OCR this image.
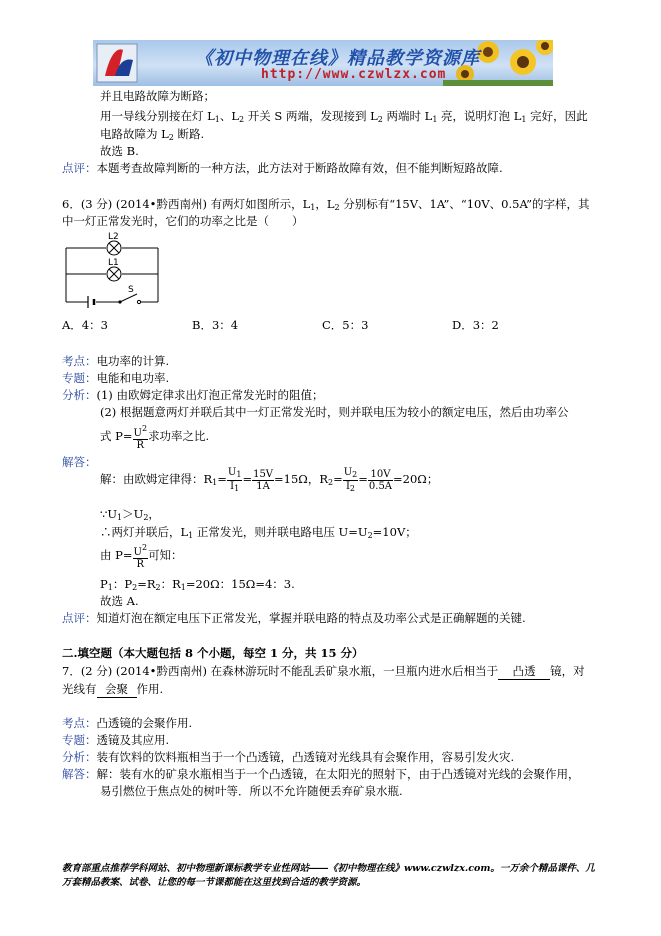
《初中物理在线》精品教学资源库
http://www.czwlzx.com
并且电路故障为断路；
用一导线分别接在灯 $L_1$、$L_2$ 开关 S 两端，发现接到 $L_2$ 两端时 $L_1$ 亮，说明灯泡 $L_1$ 完好，因此
电路故障为 $L_2$ 断路.
故选 B.
点评：本题考查故障判断的一种方法，此方法对于断路故障有效，但不能判断短路故障.
6．(3 分) (2014•黔西南州) 有两灯如图所示，$L_1$，$L_2$ 分别标有“15V、1A”、“10V、0.5A”的字样，其
中一灯正常发光时，它们的功率之比是（　　）
L2
L1
S
A．4：3	B．3：4	C．5：3	D．3：2
考点：电功率的计算.
专题：电能和电功率.
分析：(1) 由欧姆定律求出灯泡正常发光时的阻值；
(2) 根据题意两灯并联后其中一灯正常发光时，则并联电压为较小的额定电压，然后由功率公
式 $P= \frac{U^2}{R}$ 求功率之比.
解答：
解：由欧姆定律得：$R_1= \frac{U_1}{I_1} = \frac{15V}{1A} =15\Omega$，$R_2= \frac{U_2}{I_2} = \frac{10V}{0.5A} =20\Omega$；
$\because U_1>U_2$，
∴两灯并联后，$L_1$ 正常发光，则并联电路电压 $U=U_2=10V$；
由 $P= \frac{U^2}{R}$ 可知：
$P_1$：$P_2=R_2$：$R_1=20\Omega$：15Ω=4：3.
故选 A.
点评：知道灯泡在额定电压下正常发光，掌握并联电路的特点及功率公式是正确解题的关键.
二.填空题（本大题包括 8 个小题，每空 1 分，共 15 分）
7．(2 分) (2014•黔西南州) 在森林游玩时不能乱丢矿泉水瓶，一旦瓶内进水后相当于 凸透 镜，对
光线有 会聚 作用.
考点：凸透镜的会聚作用.
专题：透镜及其应用.
分析：装有饮料的饮料瓶相当于一个凸透镜，凸透镜对光线具有会聚作用，容易引发火灾.
解答：解：装有水的矿泉水瓶相当于一个凸透镜，在太阳光的照射下，由于凸透镜对光线的会聚作用，
易引燃位于焦点处的树叶等．所以不允许随便丢弃矿泉水瓶.
教育部重点推荐学科网站、初中物理新课标教学专业性网站――《初中物理在线》www.czwlzx.com。一万余个精品课件、几万套精品教案、试卷、让您的每一节课都能在这里找到合适的教学资源。
